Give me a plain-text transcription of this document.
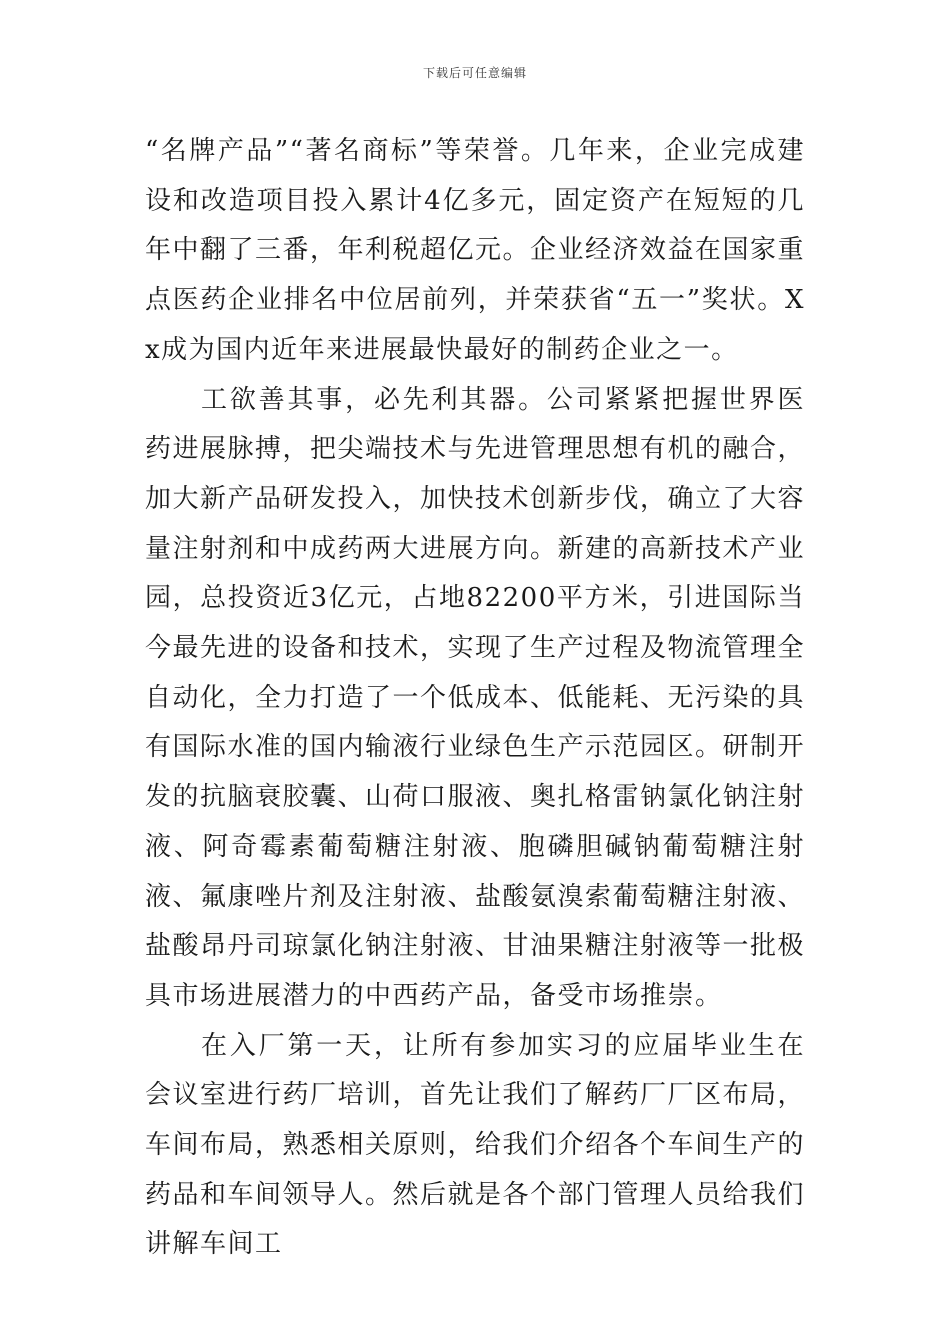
下载后可任意编辑

“名牌产品”“著名商标”等荣誉。几年来，企业完成建设和改造项目投入累计4亿多元，固定资产在短短的几年中翻了三番，年利税超亿元。企业经济效益在国家重点医药企业排名中位居前列，并荣获省“五一”奖状。Xx成为国内近年来进展最快最好的制药企业之一。

工欲善其事，必先利其器。公司紧紧把握世界医药进展脉搏，把尖端技术与先进管理思想有机的融合，加大新产品研发投入，加快技术创新步伐，确立了大容量注射剂和中成药两大进展方向。新建的高新技术产业园，总投资近3亿元，占地82200平方米，引进国际当今最先进的设备和技术，实现了生产过程及物流管理全自动化，全力打造了一个低成本、低能耗、无污染的具有国际水准的国内输液行业绿色生产示范园区。研制开发的抗脑衰胶囊、山荷口服液、奥扎格雷钠氯化钠注射液、阿奇霉素葡萄糖注射液、胞磷胆碱钠葡萄糖注射液、氟康唑片剂及注射液、盐酸氨溴索葡萄糖注射液、盐酸昂丹司琼氯化钠注射液、甘油果糖注射液等一批极具市场进展潜力的中西药产品，备受市场推崇。

在入厂第一天，让所有参加实习的应届毕业生在会议室进行药厂培训，首先让我们了解药厂厂区布局，车间布局，熟悉相关原则，给我们介绍各个车间生产的药品和车间领导人。然后就是各个部门管理人员给我们讲解车间工
